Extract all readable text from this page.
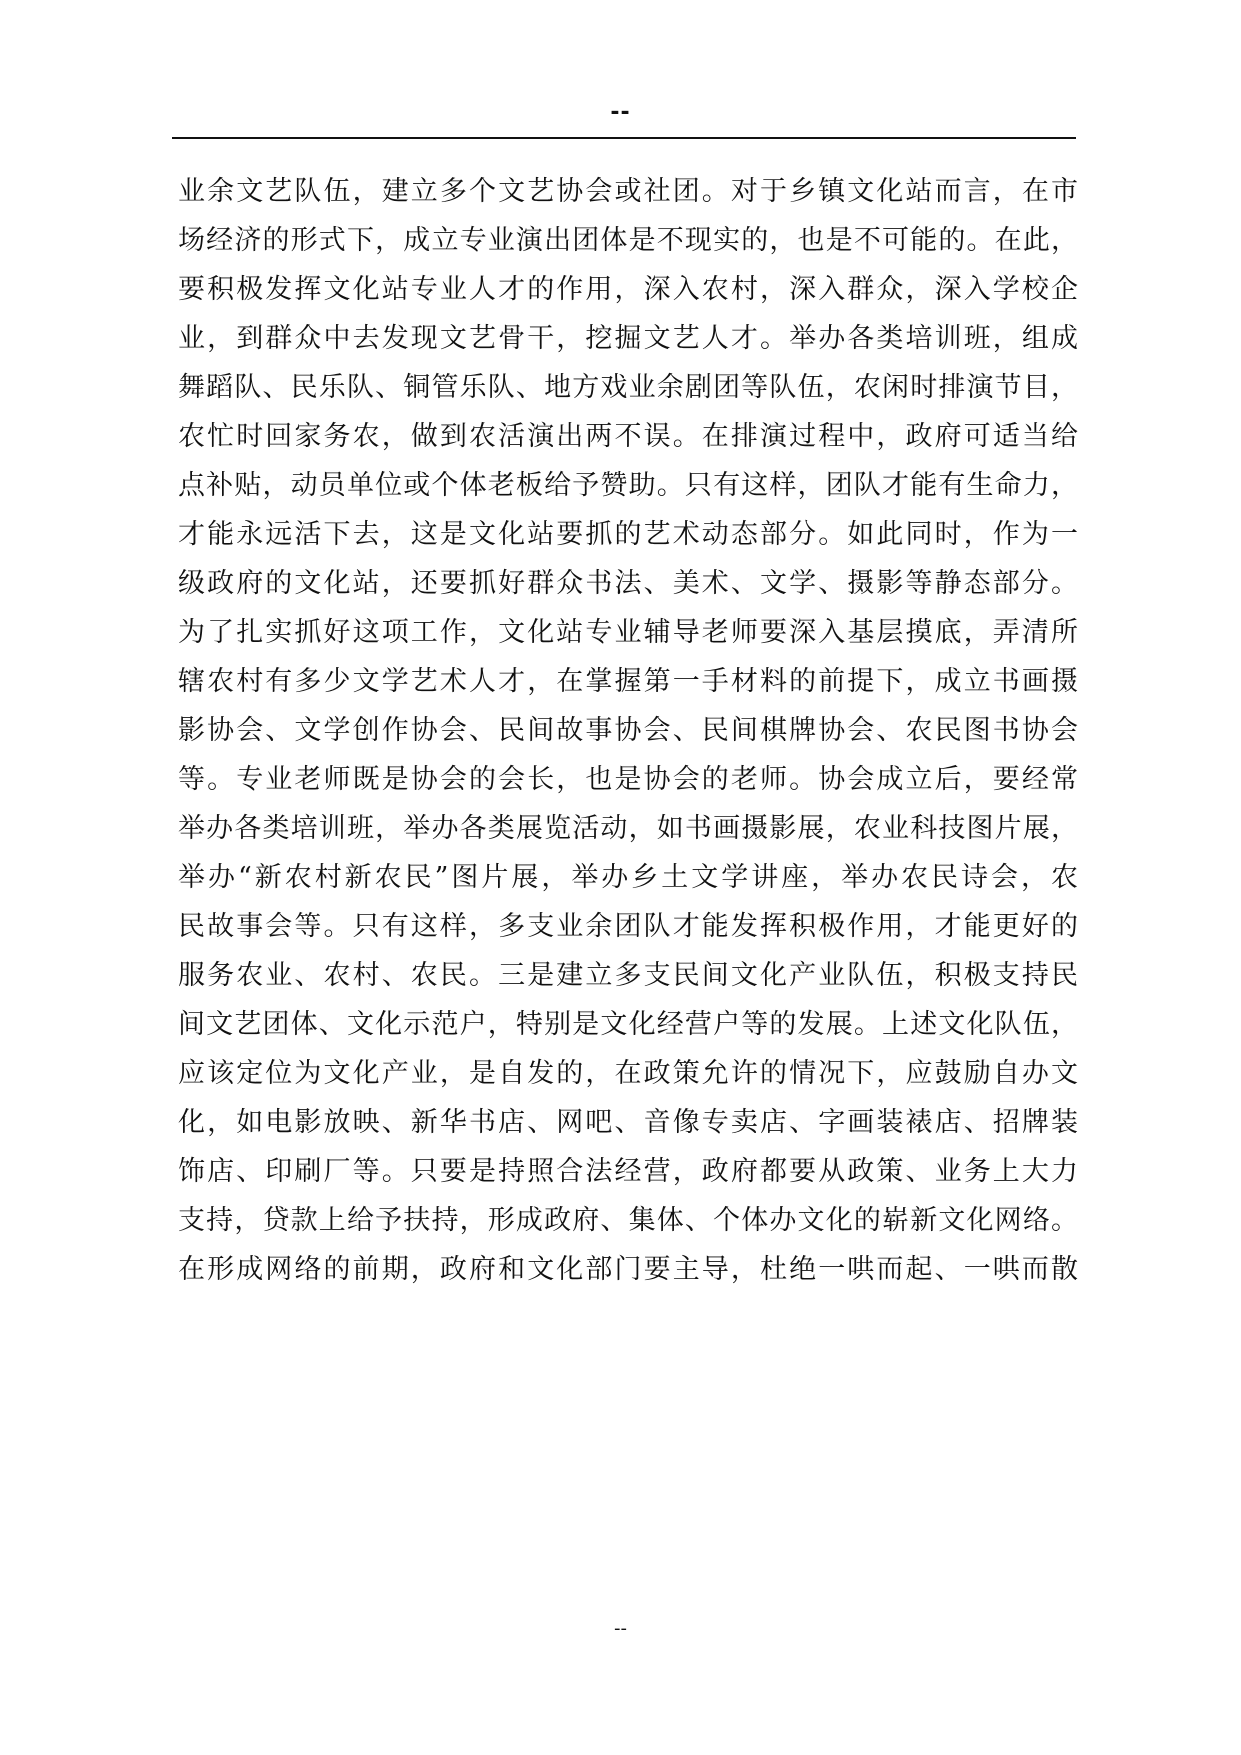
--
业余文艺队伍，建立多个文艺协会或社团。对于乡镇文化站而言，在市
场经济的形式下，成立专业演出团体是不现实的，也是不可能的。在此，
要积极发挥文化站专业人才的作用，深入农村，深入群众，深入学校企
业，到群众中去发现文艺骨干，挖掘文艺人才。举办各类培训班，组成
舞蹈队、民乐队、铜管乐队、地方戏业余剧团等队伍，农闲时排演节目，
农忙时回家务农，做到农活演出两不误。在排演过程中，政府可适当给
点补贴，动员单位或个体老板给予赞助。只有这样，团队才能有生命力，
才能永远活下去，这是文化站要抓的艺术动态部分。如此同时，作为一
级政府的文化站，还要抓好群众书法、美术、文学、摄影等静态部分。
为了扎实抓好这项工作，文化站专业辅导老师要深入基层摸底，弄清所
辖农村有多少文学艺术人才，在掌握第一手材料的前提下，成立书画摄
影协会、文学创作协会、民间故事协会、民间棋牌协会、农民图书协会
等。专业老师既是协会的会长，也是协会的老师。协会成立后，要经常
举办各类培训班，举办各类展览活动，如书画摄影展，农业科技图片展，
举办“新农村新农民”图片展，举办乡土文学讲座，举办农民诗会，农
民故事会等。只有这样，多支业余团队才能发挥积极作用，才能更好的
服务农业、农村、农民。三是建立多支民间文化产业队伍，积极支持民
间文艺团体、文化示范户，特别是文化经营户等的发展。上述文化队伍，
应该定位为文化产业，是自发的，在政策允许的情况下，应鼓励自办文
化，如电影放映、新华书店、网吧、音像专卖店、字画装裱店、招牌装
饰店、印刷厂等。只要是持照合法经营，政府都要从政策、业务上大力
支持，贷款上给予扶持，形成政府、集体、个体办文化的崭新文化网络。
在形成网络的前期，政府和文化部门要主导，杜绝一哄而起、一哄而散
--
